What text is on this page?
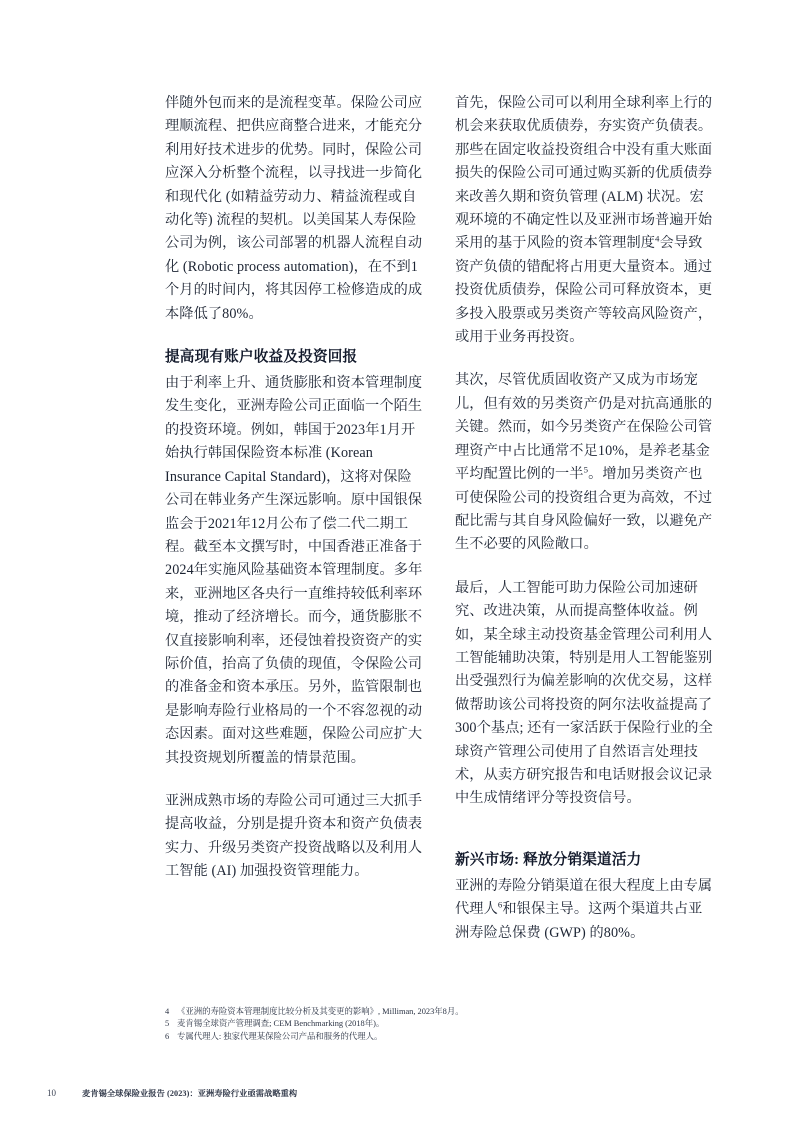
伴随外包而来的是流程变革。保险公司应理顺流程、把供应商整合进来，才能充分利用好技术进步的优势。同时，保险公司应深入分析整个流程，以寻找进一步简化和现代化 (如精益劳动力、精益流程或自动化等) 流程的契机。以美国某人寿保险公司为例，该公司部署的机器人流程自动化 (Robotic process automation)，在不到1个月的时间内，将其因停工检修造成的成本降低了80%。

提高现有账户收益及投资回报

由于利率上升、通货膨胀和资本管理制度发生变化，亚洲寿险公司正面临一个陌生的投资环境。例如，韩国于2023年1月开始执行韩国保险资本标准 (Korean Insurance Capital Standard)，这将对保险公司在韩业务产生深远影响。原中国银保监会于2021年12月公布了偿二代二期工程。截至本文撰写时，中国香港正准备于2024年实施风险基础资本管理制度。多年来，亚洲地区各央行一直维持较低利率环境，推动了经济增长。而今，通货膨胀不仅直接影响利率，还侵蚀着投资资产的实际价值，抬高了负债的现值，令保险公司的准备金和资本承压。另外，监管限制也是影响寿险行业格局的一个不容忽视的动态因素。面对这些难题，保险公司应扩大其投资规划所覆盖的情景范围。

亚洲成熟市场的寿险公司可通过三大抓手提高收益，分别是提升资本和资产负债表实力、升级另类资产投资战略以及利用人工智能 (AI) 加强投资管理能力。

首先，保险公司可以利用全球利率上行的机会来获取优质债券，夯实资产负债表。那些在固定收益投资组合中没有重大账面损失的保险公司可通过购买新的优质债券来改善久期和资负管理 (ALM) 状况。宏观环境的不确定性以及亚洲市场普遍开始采用的基于风险的资本管理制度$^4$会导致资产负债的错配将占用更大量资本。通过投资优质债券，保险公司可释放资本，更多投入股票或另类资产等较高风险资产，或用于业务再投资。

其次，尽管优质固收资产又成为市场宠儿，但有效的另类资产仍是对抗高通胀的关键。然而，如今另类资产在保险公司管理资产中占比通常不足10%，是养老基金平均配置比例的一半$^5$。增加另类资产也可使保险公司的投资组合更为高效，不过配比需与其自身风险偏好一致，以避免产生不必要的风险敞口。

最后，人工智能可助力保险公司加速研究、改进决策，从而提高整体收益。例如，某全球主动投资基金管理公司利用人工智能辅助决策，特别是用人工智能鉴别出受强烈行为偏差影响的次优交易，这样做帮助该公司将投资的阿尔法收益提高了300个基点; 还有一家活跃于保险行业的全球资产管理公司使用了自然语言处理技术，从卖方研究报告和电话财报会议记录中生成情绪评分等投资信号。

新兴市场: 释放分销渠道活力

亚洲的寿险分销渠道在很大程度上由专属代理人$^6$和银保主导。这两个渠道共占亚洲寿险总保费 (GWP) 的80%。

4 《亚洲的寿险资本管理制度比较分析及其变更的影响》, Milliman, 2023年8月。
5 麦肯锡全球资产管理调查; CEM Benchmarking (2018年)。
6 专属代理人: 独家代理某保险公司产品和服务的代理人。
10	麦肯锡全球保险业报告 (2023)：亚洲寿险行业亟需战略重构
